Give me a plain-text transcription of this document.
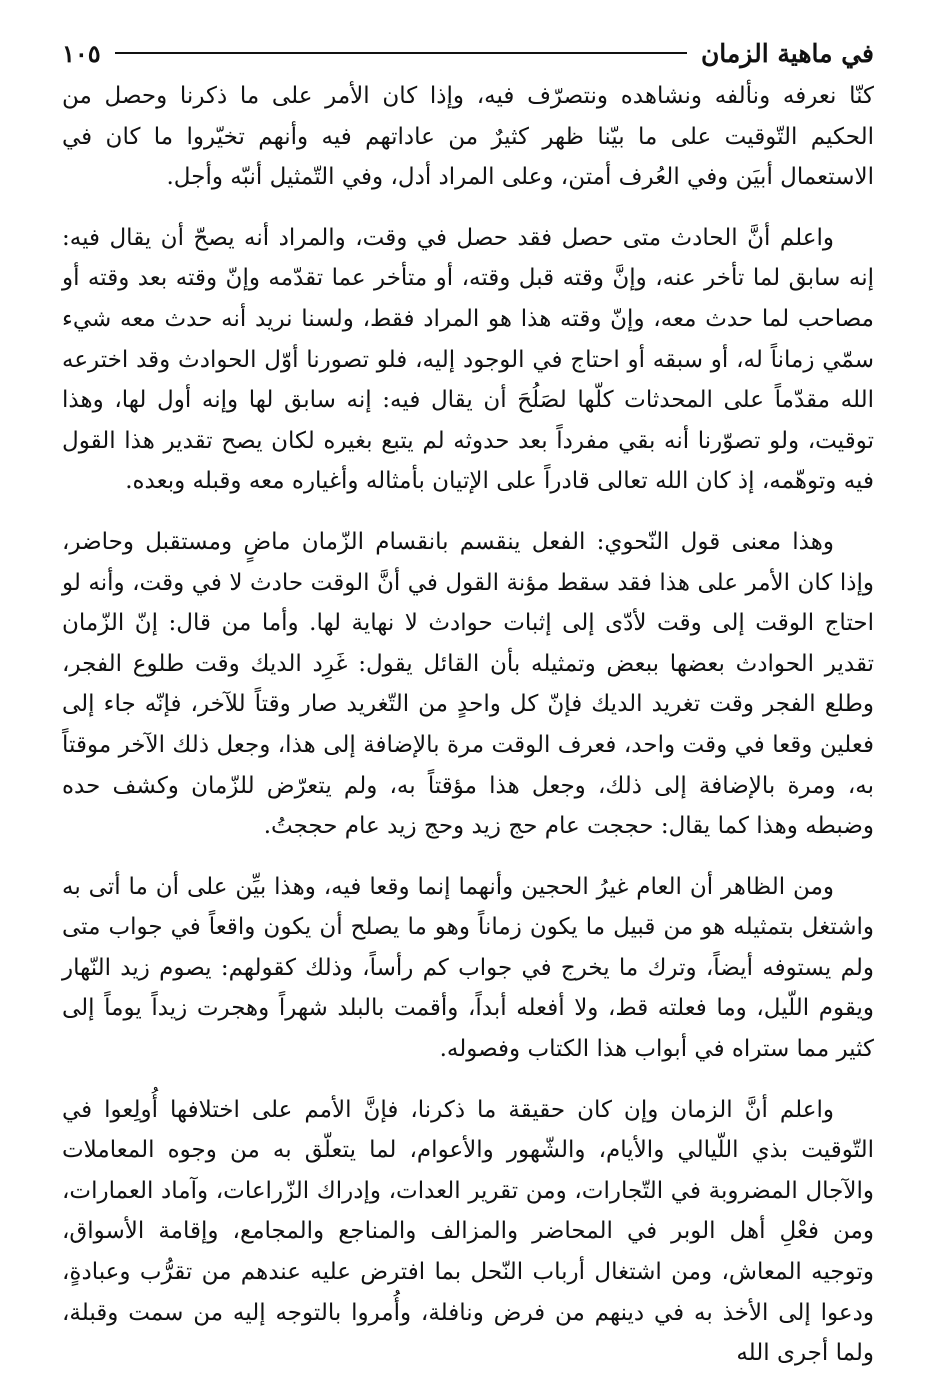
في ماهية الزمان
١٠٥

كنّا نعرفه ونألفه ونشاهده ونتصرّف فيه، وإذا كان الأمر على ما ذكرنا وحصل من الحكيم التّوقيت على ما بيّنا ظهر كثيرٌ من عاداتهم فيه وأنهم تخيّروا ما كان في الاستعمال أبيَن وفي العُرف أمتن، وعلى المراد أدل، وفي التّمثيل أنبّه وأجل.

واعلم أنَّ الحادث متى حصل فقد حصل في وقت، والمراد أنه يصحّ أن يقال فيه: إنه سابق لما تأخر عنه، وإنَّ وقته قبل وقته، أو متأخر عما تقدّمه وإنّ وقته بعد وقته أو مصاحب لما حدث معه، وإنّ وقته هذا هو المراد فقط، ولسنا نريد أنه حدث معه شيء سمّي زماناً له، أو سبقه أو احتاج في الوجود إليه، فلو تصورنا أوّل الحوادث وقد اخترعه الله مقدّماً على المحدثات كلّها لصَلُحَ أن يقال فيه: إنه سابق لها وإنه أول لها، وهذا توقيت، ولو تصوّرنا أنه بقي مفرداً بعد حدوثه لم يتبع بغيره لكان يصح تقدير هذا القول فيه وتوهّمه، إذ كان الله تعالى قادراً على الإتيان بأمثاله وأغياره معه وقبله وبعده.

وهذا معنى قول النّحوي: الفعل ينقسم بانقسام الزّمان ماضٍ ومستقبل وحاضر، وإذا كان الأمر على هذا فقد سقط مؤنة القول في أنَّ الوقت حادث لا في وقت، وأنه لو احتاج الوقت إلى وقت لأدّى إلى إثبات حوادث لا نهاية لها. وأما من قال: إنّ الزّمان تقدير الحوادث بعضها ببعض وتمثيله بأن القائل يقول: غَرِد الديك وقت طلوع الفجر، وطلع الفجر وقت تغريد الديك فإنّ كل واحدٍ من التّغريد صار وقتاً للآخر، فإنّه جاء إلى فعلين وقعا في وقت واحد، فعرف الوقت مرة بالإضافة إلى هذا، وجعل ذلك الآخر موقتاً به، ومرة بالإضافة إلى ذلك، وجعل هذا مؤقتاً به، ولم يتعرّض للزّمان وكشف حده وضبطه وهذا كما يقال: حججت عام حج زيد وحج زيد عام حججتُ.

ومن الظاهر أن العام غيرُ الحجين وأنهما إنما وقعا فيه، وهذا بيِّن على أن ما أتى به واشتغل بتمثيله هو من قبيل ما يكون زماناً وهو ما يصلح أن يكون واقعاً في جواب متى ولم يستوفه أيضاً، وترك ما يخرج في جواب كم رأساً، وذلك كقولهم: يصوم زيد النّهار ويقوم اللّيل، وما فعلته قط، ولا أفعله أبداً، وأقمت بالبلد شهراً وهجرت زيداً يوماً إلى كثير مما ستراه في أبواب هذا الكتاب وفصوله.

واعلم أنَّ الزمان وإن كان حقيقة ما ذكرنا، فإنَّ الأمم على اختلافها أُولِعوا في التّوقيت بذي اللّيالي والأيام، والشّهور والأعوام، لما يتعلّق به من وجوه المعاملات والآجال المضروبة في التّجارات، ومن تقرير العدات، وإدراك الزّراعات، وآماد العمارات، ومن فعْلِ أهل الوبر في المحاضر والمزالف والمناجع والمجامع، وإقامة الأسواق، وتوجيه المعاش، ومن اشتغال أرباب النّحل بما افترض عليه عندهم من تقرُّب وعبادةٍ، ودعوا إلى الأخذ به في دينهم من فرض ونافلة، وأُمروا بالتوجه إليه من سمت وقبلة، ولما أجرى الله
